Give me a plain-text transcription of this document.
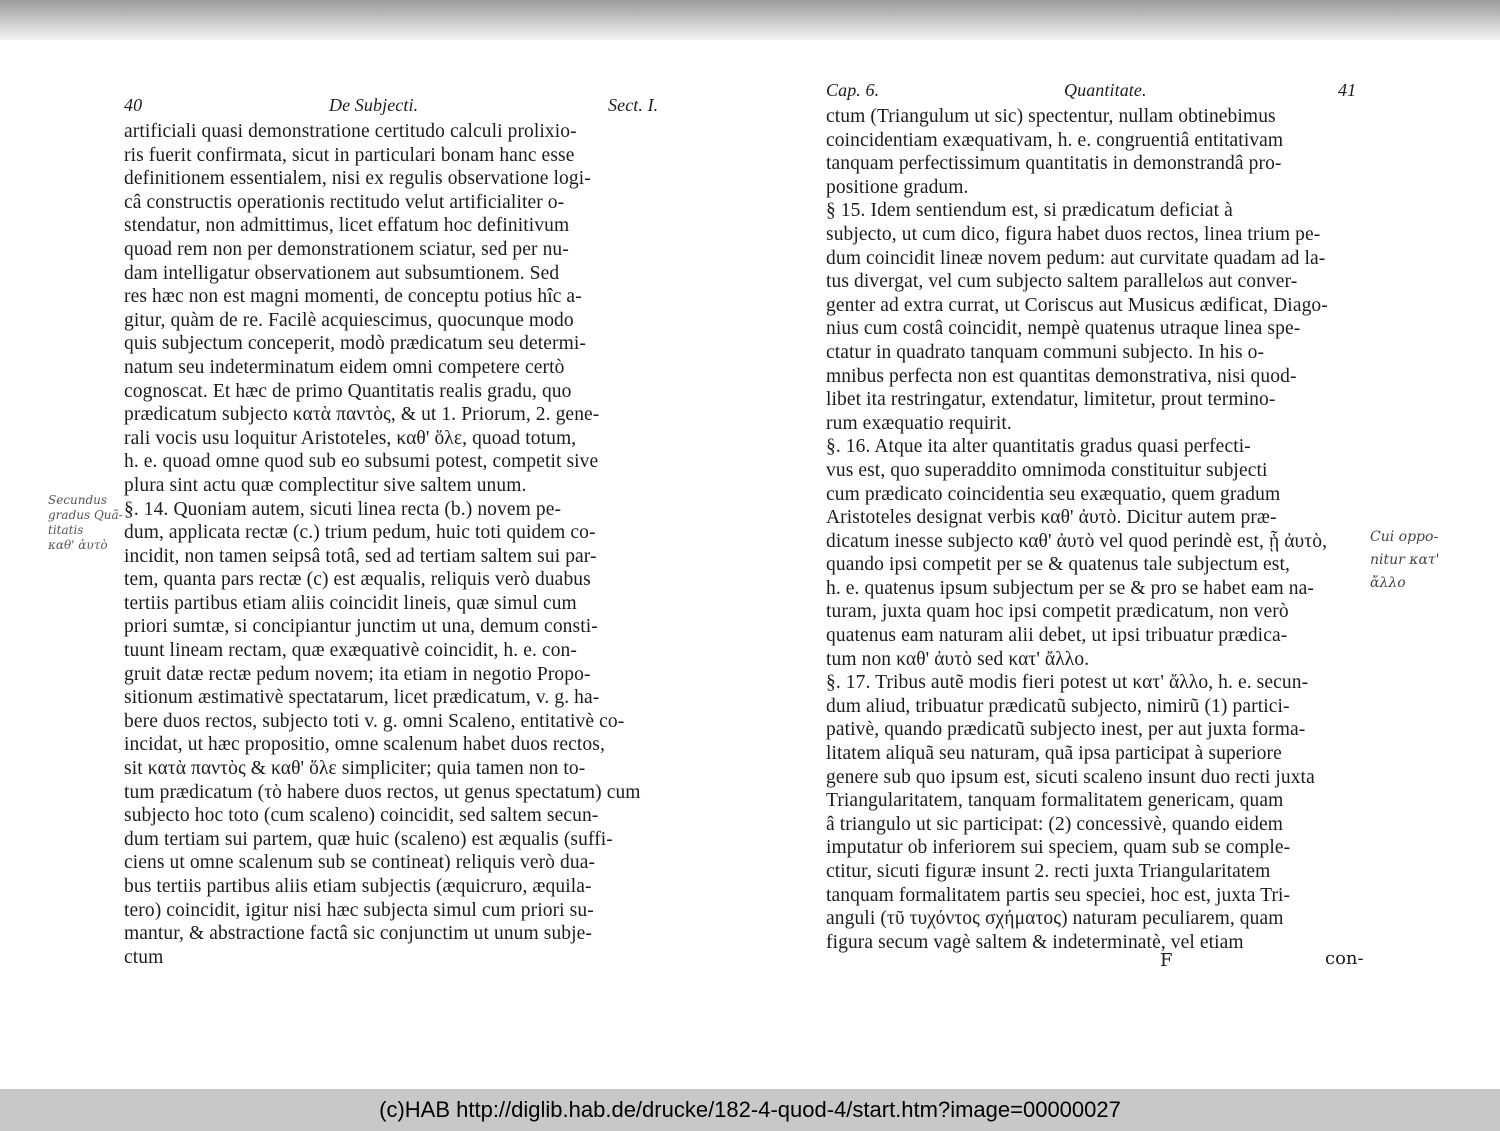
40	De Subjecti.	Sect. I.
artificiali quasi demonstratione certitudo calculi prolixio-
ris fuerit confirmata, sicut in particulari bonam hanc esse
definitionem essentialem, nisi ex regulis observatione logi-
câ constructis operationis rectitudo velut artificialiter o-
stendatur, non admittimus, licet effatum hoc definitivum
quoad rem non per demonstrationem sciatur, sed per nu-
dam intelligatur observationem aut subsumtionem. Sed
res hæc non est magni momenti, de conceptu potius hîc a-
gitur, quàm de re. Facilè acquiescimus, quocunque modo
quis subjectum conceperit, modò prædicatum seu determi-
natum seu indeterminatum eidem omni competere certò
cognoscat. Et hæc de primo Quantitatis realis gradu, quo
prædicatum subjecto κατὰ παντὸς, & ut 1. Priorum, 2. gene-
rali vocis usu loquitur Aristoteles, καθ' ὅλε, quoad totum,
h. e. quoad omne quod sub eo subsumi potest, competit sive
plura sint actu quæ complectitur sive saltem unum.
§. 14. Quoniam autem, sicuti linea recta (b.) novem pe-
dum, applicata rectæ (c.) trium pedum, huic toti quidem co-
incidit, non tamen seipsâ totâ, sed ad tertiam saltem sui par-
tem, quanta pars rectæ (c) est æqualis, reliquis verò duabus
tertiis partibus etiam aliis coincidit lineis, quæ simul cum
priori sumtæ, si concipiantur junctim ut una, demum consti-
tuunt lineam rectam, quæ exæquativè coincidit, h. e. con-
gruit datæ rectæ pedum novem; ita etiam in negotio Propo-
sitionum æstimativè spectatarum, licet prædicatum, v. g. ha-
bere duos rectos, subjecto toti v. g. omni Scaleno, entitativè co-
incidat, ut hæc propositio, omne scalenum habet duos rectos,
sit κατὰ παντὸς & καθ' ὅλε simpliciter; quia tamen non to-
tum prædicatum (τὸ habere duos rectos, ut genus spectatum) cum
subjecto hoc toto (cum scaleno) coincidit, sed saltem secun-
dum tertiam sui partem, quæ huic (scaleno) est æqualis (suffi-
ciens ut omne scalenum sub se contineat) reliquis verò dua-
bus tertiis partibus aliis etiam subjectis (æquicruro, æquila-
tero) coincidit, igitur nisi hæc subjecta simul cum priori su-
mantur, & abstractione factâ sic conjunctim ut unum subje-
ctum
Secundus
gradus Quã-
titatis
καθ' ἀυτὸ
Cap. 6.	Quantitate.	41
ctum (Triangulum ut sic) spectentur, nullam obtinebimus
coincidentiam exæquativam, h. e. congruentiâ entitativam
tanquam perfectissimum quantitatis in demonstrandâ pro-
positione gradum.
§ 15. Idem sentiendum est, si prædicatum deficiat à
subjecto, ut cum dico, figura habet duos rectos, linea trium pe-
dum coincidit lineæ novem pedum: aut curvitate quadam ad la-
tus divergat, vel cum subjecto saltem parallelωs aut conver-
genter ad extra currat, ut Coriscus aut Musicus ædificat, Diago-
nius cum costâ coincidit, nempè quatenus utraque linea spe-
ctatur in quadrato tanquam communi subjecto. In his o-
mnibus perfecta non est quantitas demonstrativa, nisi quod-
libet ita restringatur, extendatur, limitetur, prout termino-
rum exæquatio requirit.
§. 16. Atque ita alter quantitatis gradus quasi perfecti-
vus est, quo superaddito omnimoda constituitur subjecti
cum prædicato coincidentia seu exæquatio, quem gradum
Aristoteles designat verbis καθ' ἀυτὸ. Dicitur autem præ-
dicatum inesse subjecto καθ' ἀυτὸ vel quod perindè est, ᾗ ἀυτὸ,
quando ipsi competit per se & quatenus tale subjectum est,
h. e. quatenus ipsum subjectum per se & pro se habet eam na-
turam, juxta quam hoc ipsi competit prædicatum, non verò
quatenus eam naturam alii debet, ut ipsi tribuatur prædica-
tum non καθ' ἀυτὸ sed κατ' ἄλλο.
§. 17. Tribus autẽ modis fieri potest ut κατ' ἄλλο, h. e. secun-
dum aliud, tribuatur prædicatũ subjecto, nimirũ (1) partici-
pativè, quando prædicatũ subjecto inest, per aut juxta forma-
litatem aliquã seu naturam, quã ipsa participat à superiore
genere sub quo ipsum est, sicuti scaleno insunt duo recti juxta
Triangularitatem, tanquam formalitatem genericam, quam
â triangulo ut sic participat: (2) concessivè, quando eidem
imputatur ob inferiorem sui speciem, quam sub se comple-
ctitur, sicuti figuræ insunt 2. recti juxta Triangularitatem
tanquam formalitatem partis seu speciei, hoc est, juxta Tri-
anguli (τῦ τυχόντος σχήματος) naturam peculiarem, quam
figura secum vagè saltem & indeterminatè, vel etiam
Cui oppo-
nitur κατ'
ἄλλο
F	con-
(c)HAB http://diglib.hab.de/drucke/182-4-quod-4/start.htm?image=00000027
